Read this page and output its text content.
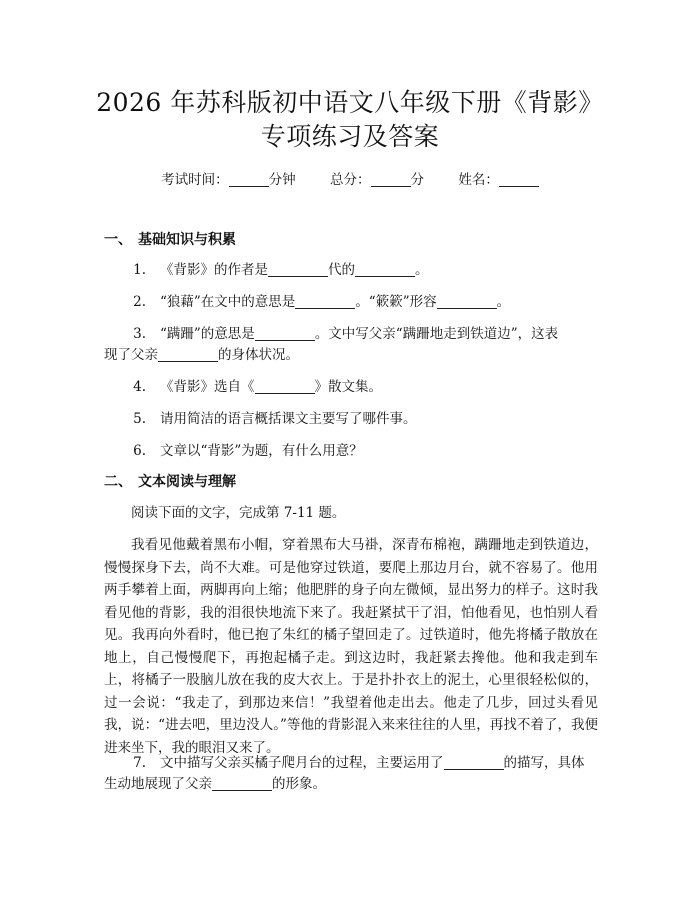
2026 年苏科版初中语文八年级下册《背影》
专项练习及答案
考试时间：	分钟	总分：	分	姓名：
一、 基础知识与积累
1. 《背影》的作者是	代的	。
2. “狼藉”在文中的意思是	。“簌簌”形容	。
3. “蹒跚”的意思是	。文中写父亲“蹒跚地走到铁道边”，这表
现了父亲	的身体状况。
4. 《背影》选自《	》散文集。
5. 请用简洁的语言概括课文主要写了哪件事。
6. 文章以“背影”为题，有什么用意？
二、 文本阅读与理解
阅读下面的文字，完成第 7-11 题。
我看见他戴着黑布小帽，穿着黑布大马褂，深青布棉袍，蹒跚地走到铁道边，慢慢探身下去，尚不大难。可是他穿过铁道，要爬上那边月台，就不容易了。他用两手攀着上面，两脚再向上缩；他肥胖的身子向左微倾，显出努力的样子。这时我看见他的背影，我的泪很快地流下来了。我赶紧拭干了泪，怕他看见，也怕别人看见。我再向外看时，他已抱了朱红的橘子望回走了。过铁道时，他先将橘子散放在地上，自己慢慢爬下，再抱起橘子走。到这边时，我赶紧去搀他。他和我走到车上，将橘子一股脑儿放在我的皮大衣上。于是扑扑衣上的泥土，心里很轻松似的，过一会说：“我走了，到那边来信！”我望着他走出去。他走了几步，回过头看见我，说：“进去吧，里边没人。”等他的背影混入来来往往的人里，再找不着了，我便进来坐下，我的眼泪又来了。
7. 文中描写父亲买橘子爬月台的过程，主要运用了	的描写，具体
生动地展现了父亲	的形象。
